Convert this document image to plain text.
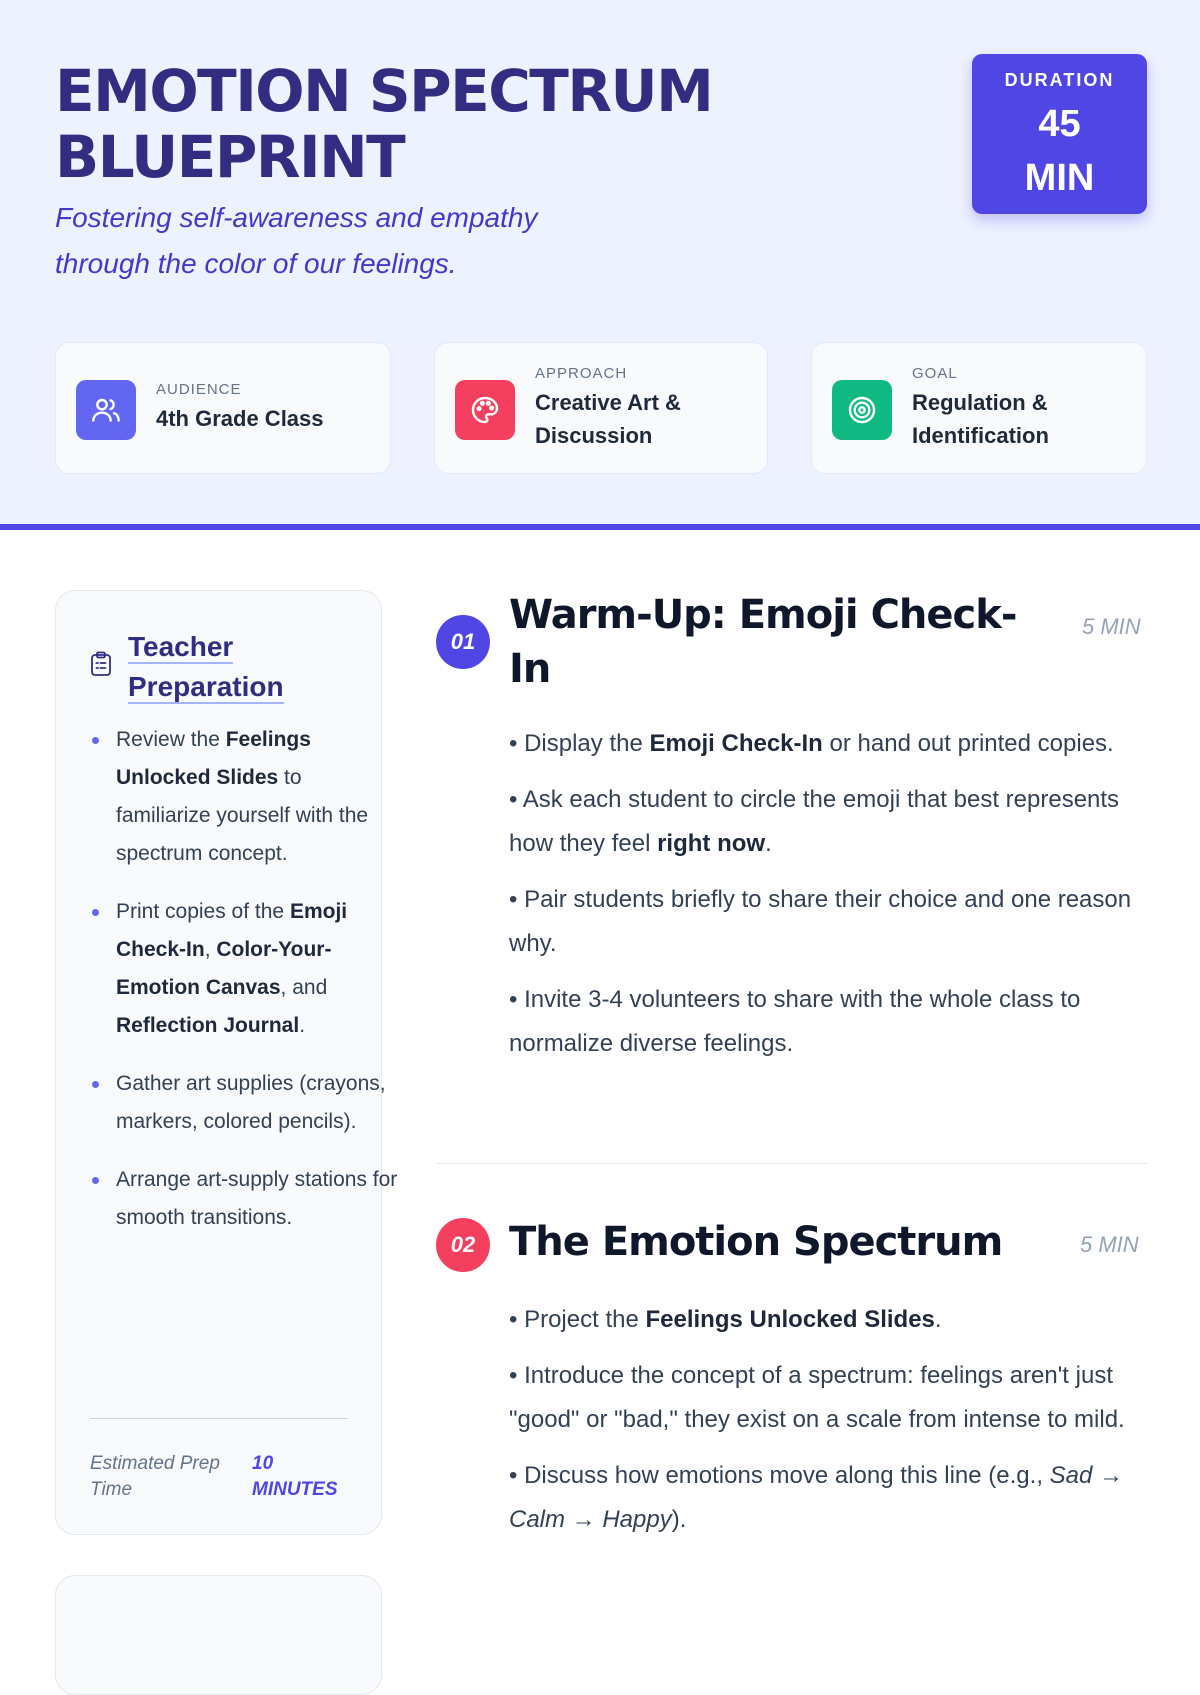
EMOTION SPECTRUM BLUEPRINT

Fostering self-awareness and empathy through the color of our feelings.

DURATION
45 MIN
AUDIENCE
4th Grade Class
APPROACH
Creative Art & Discussion
GOAL
Regulation & Identification
Teacher Preparation
Review the Feelings Unlocked Slides to familiarize yourself with the spectrum concept.
Print copies of the Emoji Check-In, Color-Your-Emotion Canvas, and Reflection Journal.
Gather art supplies (crayons, markers, colored pencils).
Arrange art-supply stations for smooth transitions.
Estimated Prep Time
10 MINUTES
01
Warm-Up: Emoji Check-In
5 MIN
• Display the Emoji Check-In or hand out printed copies.
• Ask each student to circle the emoji that best represents how they feel right now.
• Pair students briefly to share their choice and one reason why.
• Invite 3-4 volunteers to share with the whole class to normalize diverse feelings.
02 The Emotion Spectrum	5 MIN
• Project the Feelings Unlocked Slides.
• Introduce the concept of a spectrum: feelings aren't just "good" or "bad," they exist on a scale from intense to mild.
• Discuss how emotions move along this line (e.g., Sad → Calm → Happy).
